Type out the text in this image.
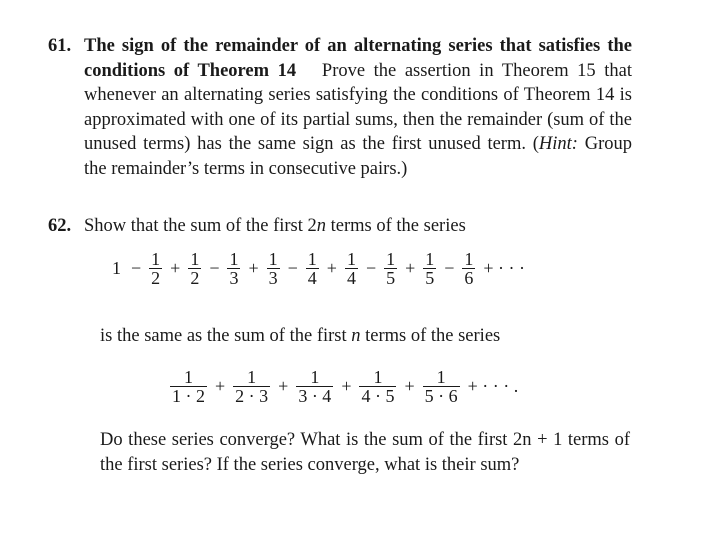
61. The sign of the remainder of an alternating series that satisfies the conditions of Theorem 14 Prove the assertion in Theorem 15 that whenever an alternating series satisfying the conditions of Theorem 14 is approximated with one of its partial sums, then the remainder (sum of the unused terms) has the same sign as the first unused term. (Hint: Group the remainder’s terms in consecutive pairs.)
62. Show that the sum of the first 2n terms of the series
$1 - \frac{1}{2} + \frac{1}{2} - \frac{1}{3} + \frac{1}{3} - \frac{1}{4} + \frac{1}{4} - \frac{1}{5} + \frac{1}{5} - \frac{1}{6}$ + · · ·
is the same as the sum of the first n terms of the series
$\frac{1}{1 \cdot 2} + \frac{1}{2 \cdot 3} + \frac{1}{3 \cdot 4} + \frac{1}{4 \cdot 5} + \frac{1}{5 \cdot 6}$ + · · · .
Do these series converge? What is the sum of the first 2n + 1 terms of the first series? If the series converge, what is their sum?
